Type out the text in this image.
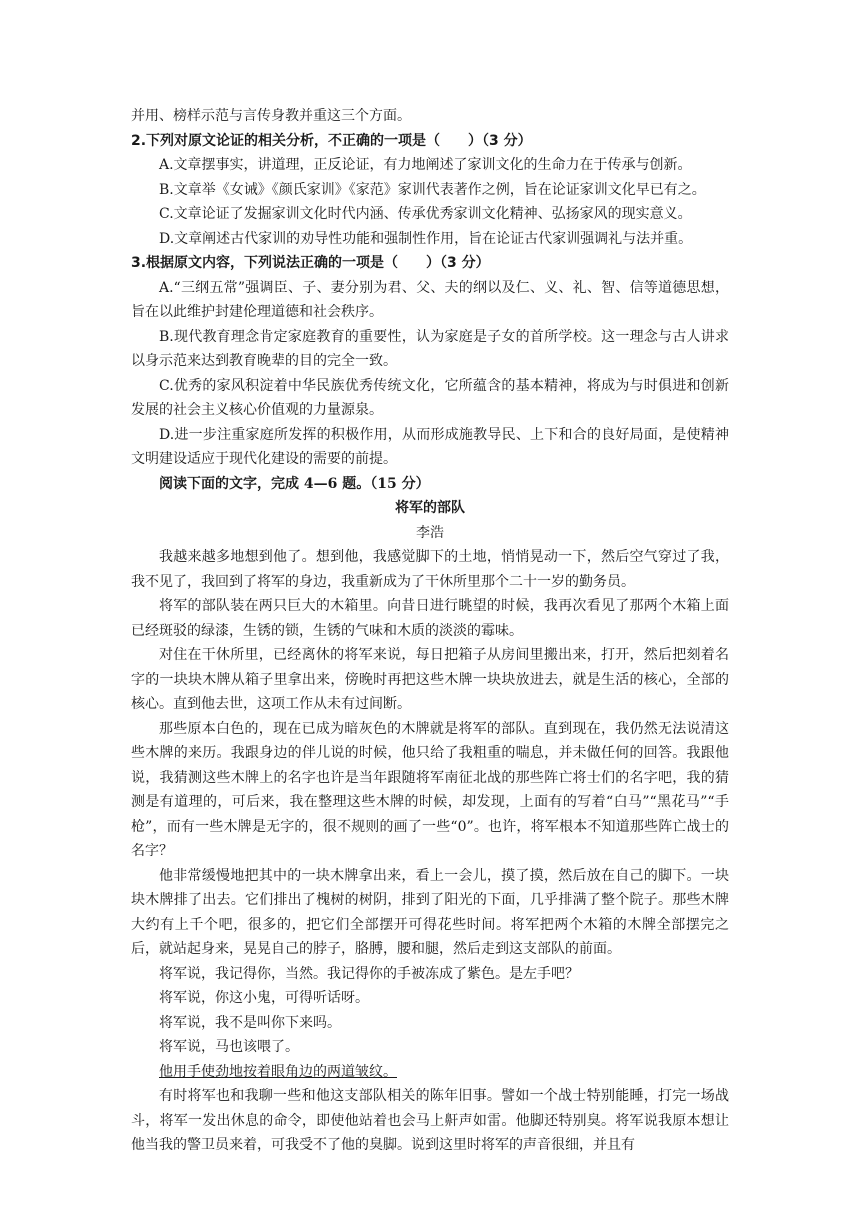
并用、榜样示范与言传身教并重这三个方面。

2.下列对原文论证的相关分析，不正确的一项是（　　）（3 分）

A.文章摆事实，讲道理，正反论证，有力地阐述了家训文化的生命力在于传承与创新。

B.文章举《女诫》《颜氏家训》《家范》家训代表著作之例，旨在论证家训文化早已有之。

C.文章论证了发掘家训文化时代内涵、传承优秀家训文化精神、弘扬家风的现实意义。

D.文章阐述古代家训的劝导性功能和强制性作用，旨在论证古代家训强调礼与法并重。

3.根据原文内容，下列说法正确的一项是（　　）（3 分）

A.“三纲五常”强调臣、子、妻分别为君、父、夫的纲以及仁、义、礼、智、信等道德思想，旨在以此维护封建伦理道德和社会秩序。

B.现代教育理念肯定家庭教育的重要性，认为家庭是子女的首所学校。这一理念与古人讲求以身示范来达到教育晚辈的目的完全一致。

C.优秀的家风积淀着中华民族优秀传统文化，它所蕴含的基本精神，将成为与时俱进和创新发展的社会主义核心价值观的力量源泉。

D.进一步注重家庭所发挥的积极作用，从而形成施教导民、上下和合的良好局面，是使精神文明建设适应于现代化建设的需要的前提。

阅读下面的文字，完成 4—6 题。（15 分）

将军的部队

李浩

我越来越多地想到他了。想到他，我感觉脚下的土地，悄悄晃动一下，然后空气穿过了我，我不见了，我回到了将军的身边，我重新成为了干休所里那个二十一岁的勤务员。

将军的部队装在两只巨大的木箱里。向昔日进行眺望的时候，我再次看见了那两个木箱上面已经斑驳的绿漆，生锈的锁，生锈的气味和木质的淡淡的霉味。

对住在干休所里，已经离休的将军来说，每日把箱子从房间里搬出来，打开，然后把刻着名字的一块块木牌从箱子里拿出来，傍晚时再把这些木牌一块块放进去，就是生活的核心，全部的核心。直到他去世，这项工作从未有过间断。

那些原本白色的，现在已成为暗灰色的木牌就是将军的部队。直到现在，我仍然无法说清这些木牌的来历。我跟身边的伴儿说的时候，他只给了我粗重的喘息，并未做任何的回答。我跟他说，我猜测这些木牌上的名字也许是当年跟随将军南征北战的那些阵亡将士们的名字吧，我的猜测是有道理的，可后来，我在整理这些木牌的时候，却发现，上面有的写着“白马”“黑花马”“手枪”，而有一些木牌是无字的，很不规则的画了一些“0”。也许，将军根本不知道那些阵亡战士的名字？

他非常缓慢地把其中的一块木牌拿出来，看上一会儿，摸了摸，然后放在自己的脚下。一块块木牌排了出去。它们排出了槐树的树阴，排到了阳光的下面，几乎排满了整个院子。那些木牌大约有上千个吧，很多的，把它们全部摆开可得花些时间。将军把两个木箱的木牌全部摆完之后，就站起身来，晃晃自己的脖子，胳膊，腰和腿，然后走到这支部队的前面。

将军说，我记得你，当然。我记得你的手被冻成了紫色。是左手吧？

将军说，你这小鬼，可得听话呀。

将军说，我不是叫你下来吗。

将军说，马也该喂了。

他用手使劲地按着眼角边的两道皱纹。

有时将军也和我聊一些和他这支部队相关的陈年旧事。譬如一个战士特别能睡，打完一场战斗，将军一发出休息的命令，即使他站着也会马上鼾声如雷。他脚还特别臭。将军说我原本想让他当我的警卫员来着，可我受不了他的臭脚。说到这里时将军的声音很细，并且有
